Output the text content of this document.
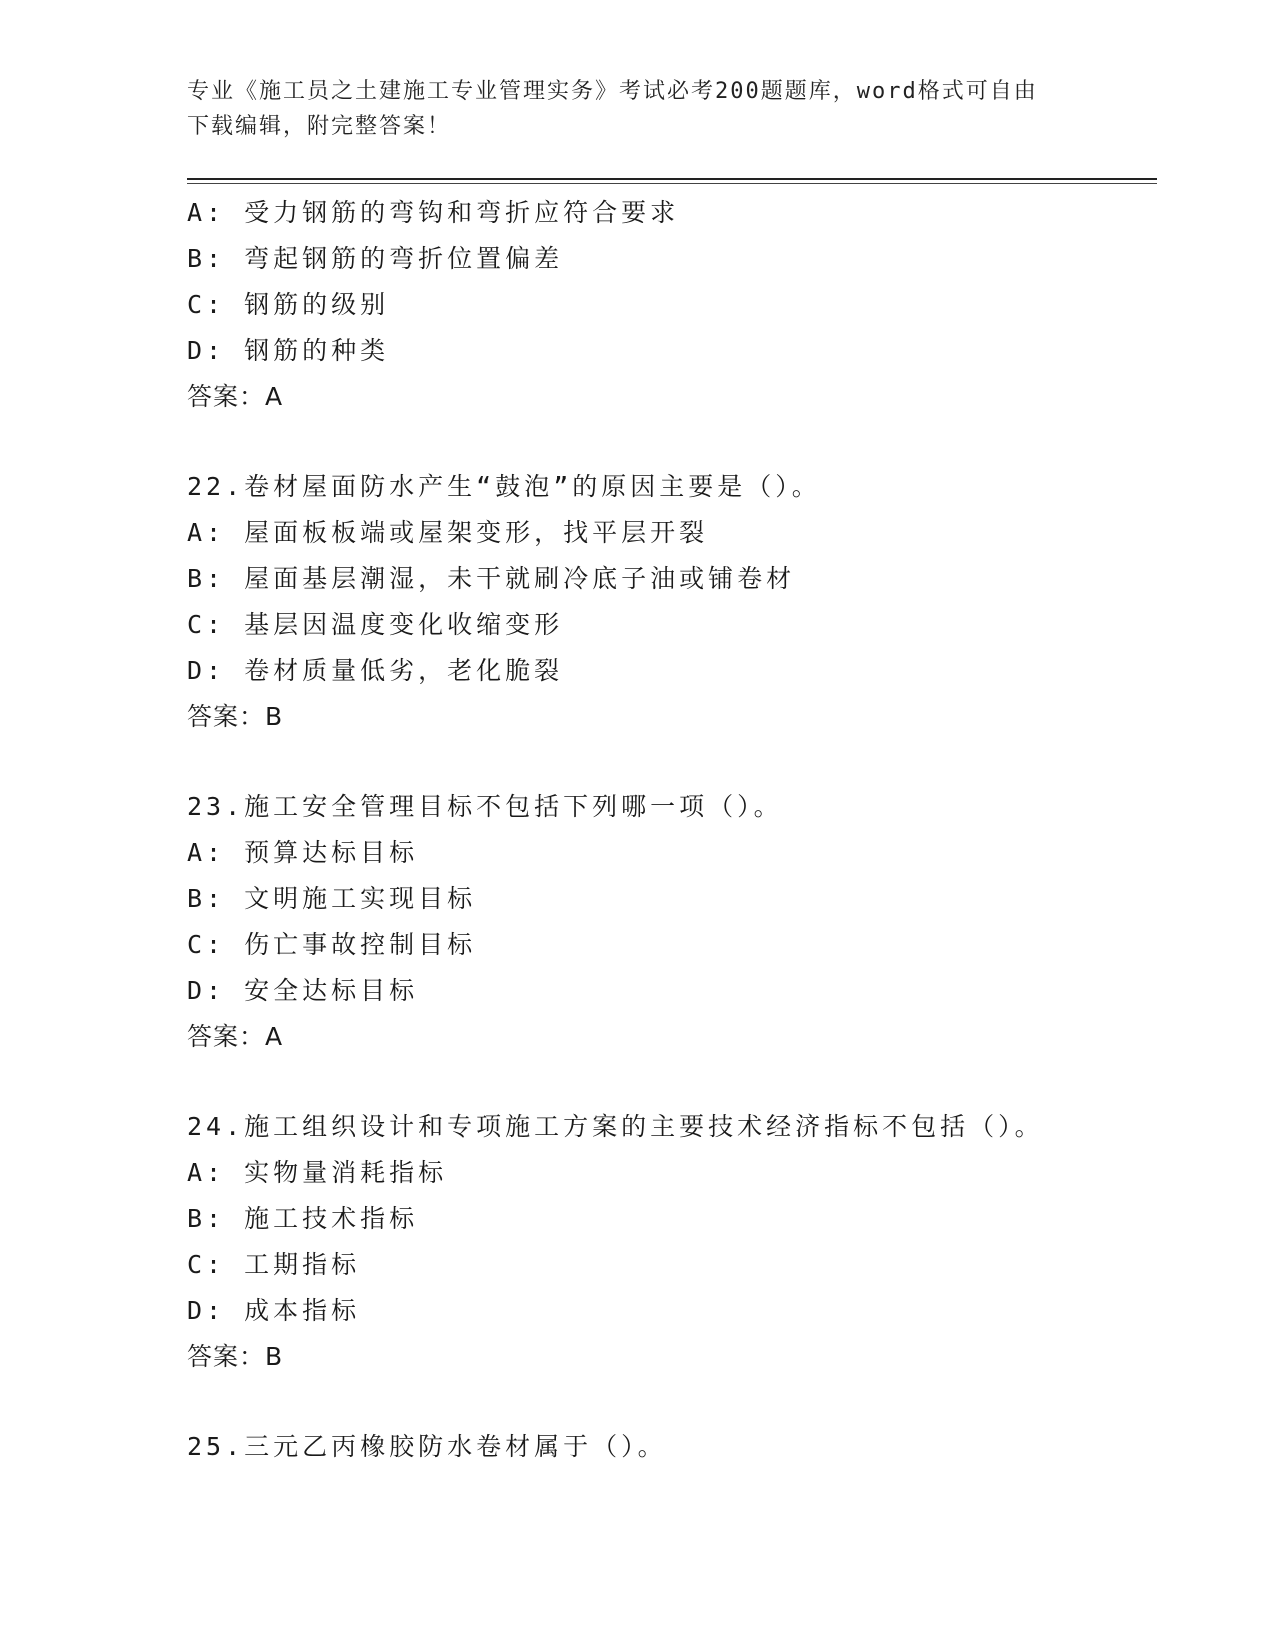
专业《施工员之土建施工专业管理实务》考试必考200题题库，word格式可自由
下载编辑，附完整答案！
A: 受力钢筋的弯钩和弯折应符合要求
B: 弯起钢筋的弯折位置偏差
C: 钢筋的级别
D: 钢筋的种类
答案：A
22.卷材屋面防水产生“鼓泡”的原因主要是（）。
A: 屋面板板端或屋架变形，找平层开裂
B: 屋面基层潮湿，未干就刷冷底子油或铺卷材
C: 基层因温度变化收缩变形
D: 卷材质量低劣，老化脆裂
答案：B
23.施工安全管理目标不包括下列哪一项（）。
A: 预算达标目标
B: 文明施工实现目标
C: 伤亡事故控制目标
D: 安全达标目标
答案：A
24.施工组织设计和专项施工方案的主要技术经济指标不包括（）。
A: 实物量消耗指标
B: 施工技术指标
C: 工期指标
D: 成本指标
答案：B
25.三元乙丙橡胶防水卷材属于（）。
